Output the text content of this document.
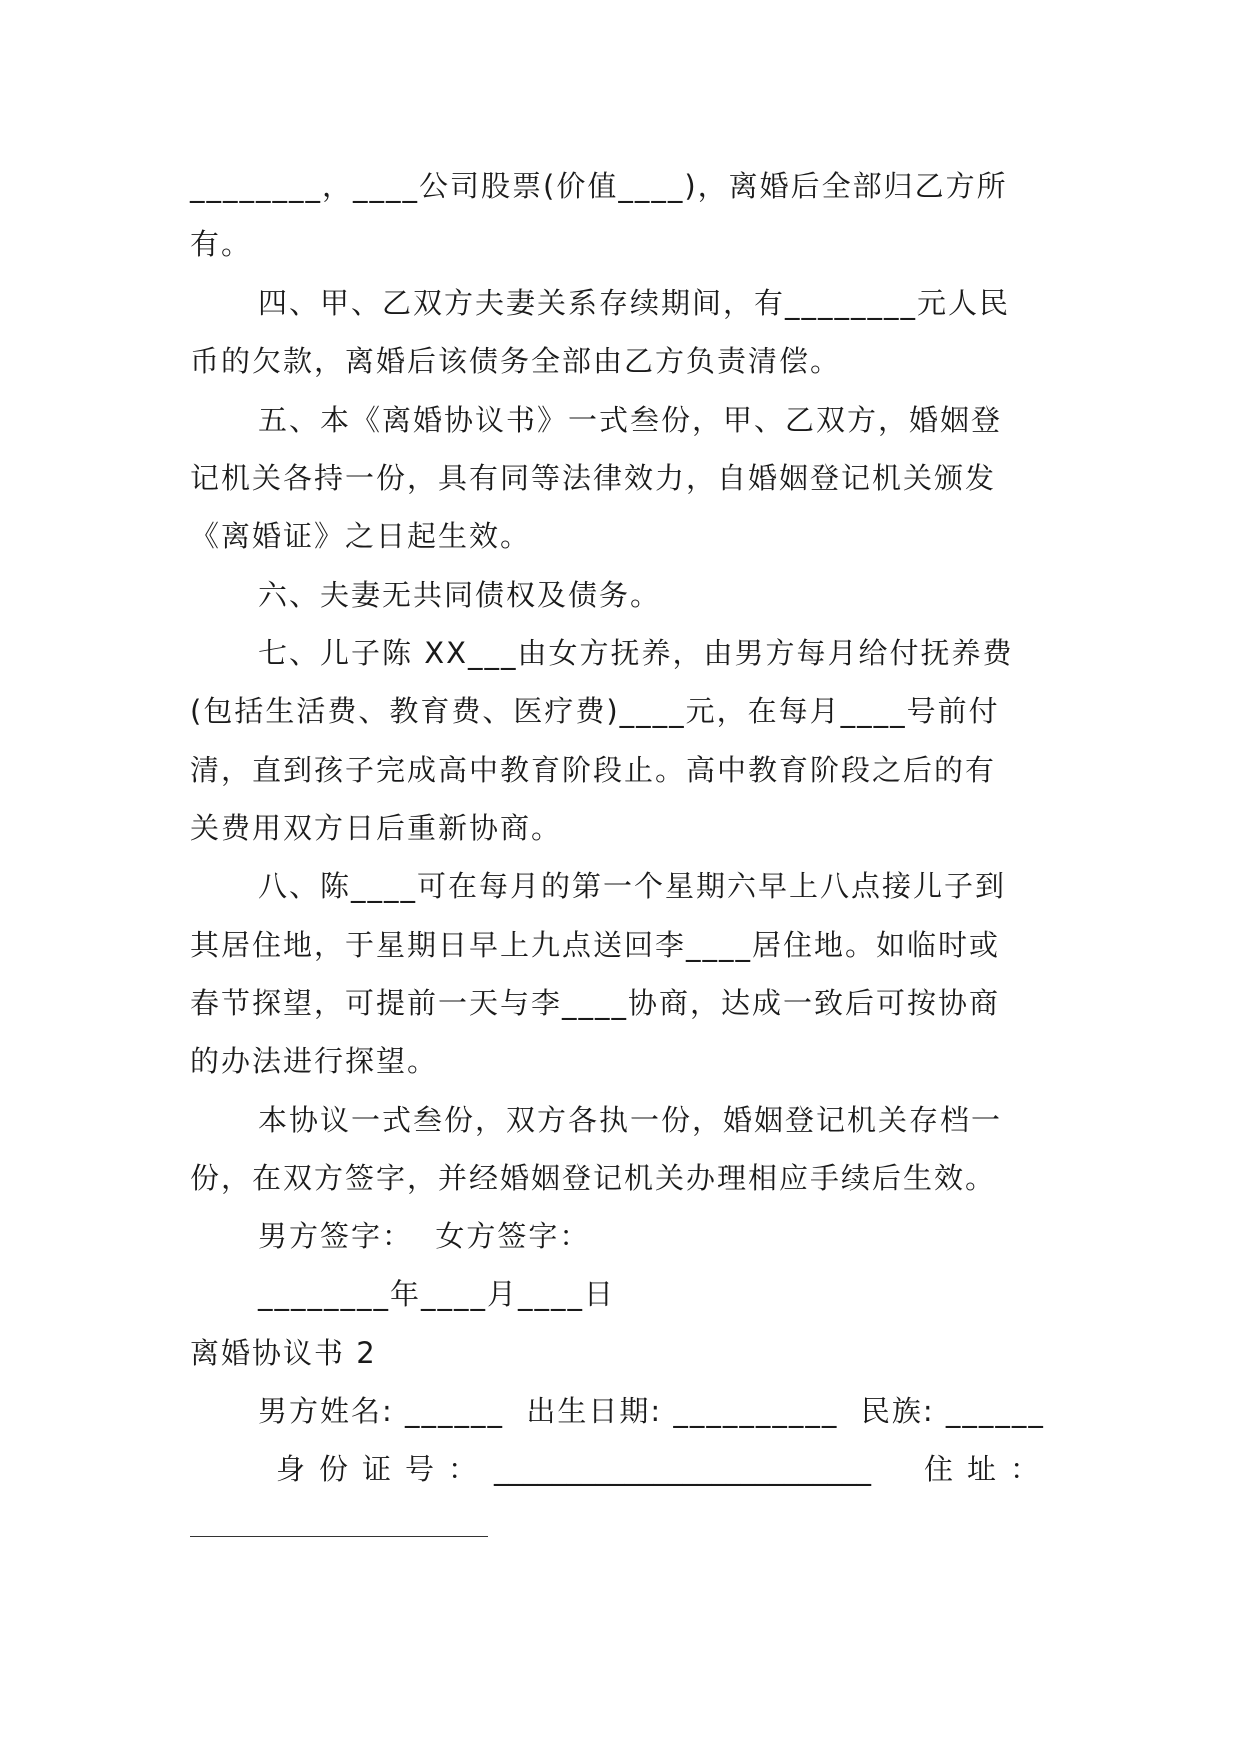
________，____公司股票(价值____)，离婚后全部归乙方所
有。
四、甲、乙双方夫妻关系存续期间，有________元人民
币的欠款，离婚后该债务全部由乙方负责清偿。
五、本《离婚协议书》一式叁份，甲、乙双方，婚姻登
记机关各持一份，具有同等法律效力，自婚姻登记机关颁发
《离婚证》之日起生效。
六、夫妻无共同债权及债务。
七、儿子陈 XX___由女方抚养，由男方每月给付抚养费
(包括生活费、教育费、医疗费)____元，在每月____号前付
清，直到孩子完成高中教育阶段止。高中教育阶段之后的有
关费用双方日后重新协商。
八、陈____可在每月的第一个星期六早上八点接儿子到
其居住地，于星期日早上九点送回李____居住地。如临时或
春节探望，可提前一天与李____协商，达成一致后可按协商
的办法进行探望。
本协议一式叁份，双方各执一份，婚姻登记机关存档一
份，在双方签字，并经婚姻登记机关办理相应手续后生效。
男方签字：  女方签字：
________年____月____日
离婚协议书 2
男方姓名: ______  出生日期: __________  民族: ______
身份证号： __________________________	住址：
